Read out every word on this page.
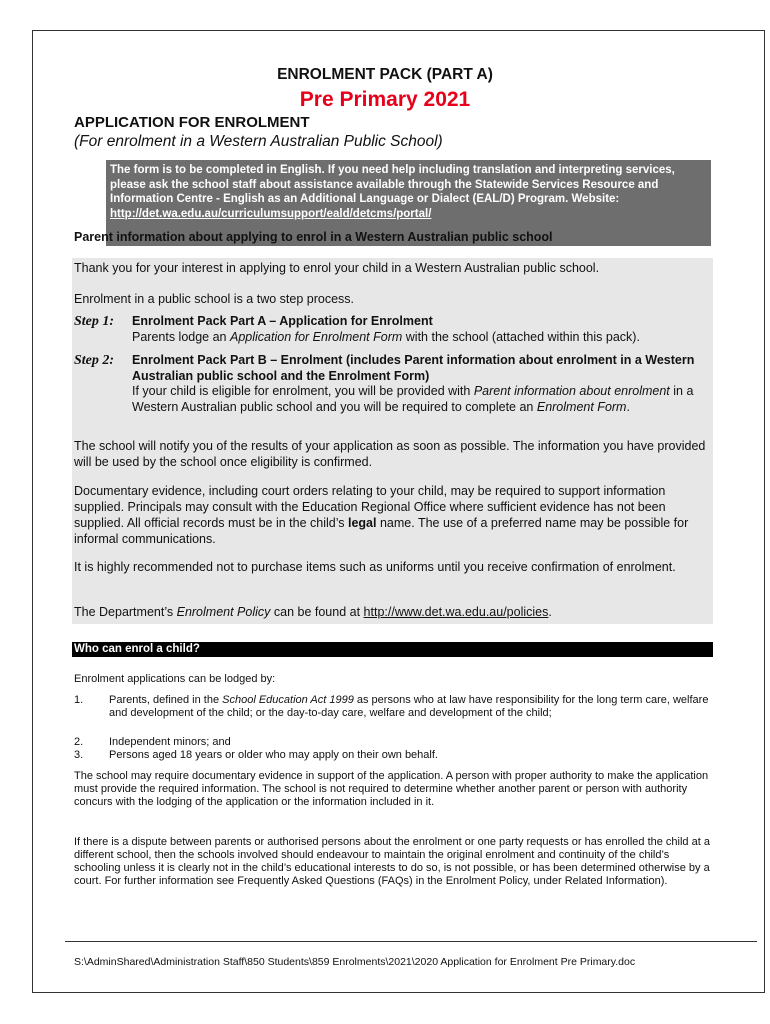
ENROLMENT PACK (PART A)
Pre Primary 2021
APPLICATION FOR ENROLMENT
(For enrolment in a Western Australian Public School)
The form is to be completed in English. If you need help including translation and interpreting services, please ask the school staff about assistance available through the Statewide Services Resource and Information Centre - English as an Additional Language or Dialect (EAL/D) Program. Website: http://det.wa.edu.au/curriculumsupport/eald/detcms/portal/
Parent information about applying to enrol in a Western Australian public school
Thank you for your interest in applying to enrol your child in a Western Australian public school.
Enrolment in a public school is a two step process.
Step 1: Enrolment Pack Part A – Application for Enrolment
Parents lodge an Application for Enrolment Form with the school (attached within this pack).
Step 2: Enrolment Pack Part B – Enrolment (includes Parent information about enrolment in a Western Australian public school and the Enrolment Form)
If your child is eligible for enrolment, you will be provided with Parent information about enrolment in a Western Australian public school and you will be required to complete an Enrolment Form.
The school will notify you of the results of your application as soon as possible. The information you have provided will be used by the school once eligibility is confirmed.
Documentary evidence, including court orders relating to your child, may be required to support information supplied. Principals may consult with the Education Regional Office where sufficient evidence has not been supplied. All official records must be in the child’s legal name. The use of a preferred name may be possible for informal communications.
It is highly recommended not to purchase items such as uniforms until you receive confirmation of enrolment.
The Department’s Enrolment Policy can be found at http://www.det.wa.edu.au/policies.
Who can enrol a child?
Enrolment applications can be lodged by:
1. Parents, defined in the School Education Act 1999 as persons who at law have responsibility for the long term care, welfare and development of the child; or the day-to-day care, welfare and development of the child;
2. Independent minors; and
3. Persons aged 18 years or older who may apply on their own behalf.
The school may require documentary evidence in support of the application. A person with proper authority to make the application must provide the required information. The school is not required to determine whether another parent or person with authority concurs with the lodging of the application or the information included in it.
If there is a dispute between parents or authorised persons about the enrolment or one party requests or has enrolled the child at a different school, then the schools involved should endeavour to maintain the original enrolment and continuity of the child’s schooling unless it is clearly not in the child’s educational interests to do so, is not possible, or has been determined otherwise by a court. For further information see Frequently Asked Questions (FAQs) in the Enrolment Policy, under Related Information).
S:\AdminShared\Administration Staff\850 Students\859 Enrolments\2021\2020 Application for Enrolment Pre Primary.doc
